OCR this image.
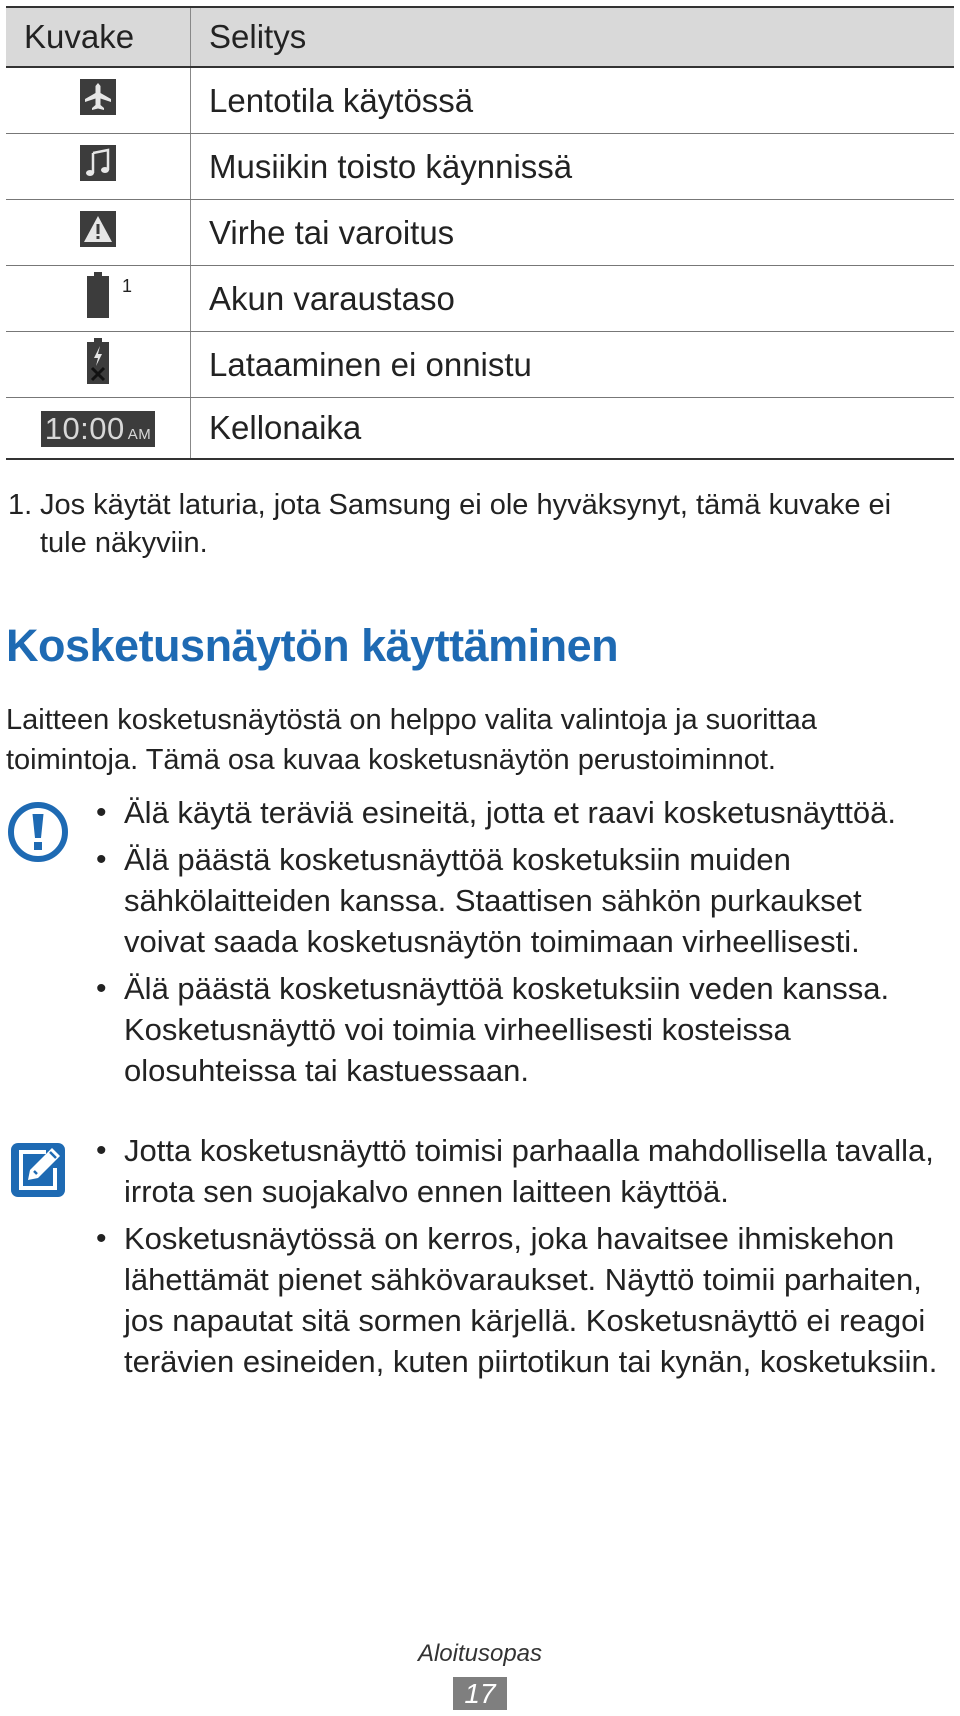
Kuvake	Selitys
	Lentotila käytössä
	Musiikin toisto käynnissä
	Virhe tai varoitus

1	Akun varaustaso
	Lataaminen ei onnistu
10:00 AM	Kellonaika
1. Jos käytät laturia, jota Samsung ei ole hyväksynyt, tämä kuvake ei tule näkyviin.
Kosketusnäytön käyttäminen

Laitteen kosketusnäytöstä on helppo valita valintoja ja suorittaa toimintoja. Tämä osa kuvaa kosketusnäytön perustoiminnot.

• Älä käytä teräviä esineitä, jotta et raavi kosketusnäyttöä.
• Älä päästä kosketusnäyttöä kosketuksiin muiden sähkölaitteiden kanssa. Staattisen sähkön purkaukset voivat saada kosketusnäytön toimimaan virheellisesti.
• Älä päästä kosketusnäyttöä kosketuksiin veden kanssa. Kosketusnäyttö voi toimia virheellisesti kosteissa olosuhteissa tai kastuessaan.
• Jotta kosketusnäyttö toimisi parhaalla mahdollisella tavalla, irrota sen suojakalvo ennen laitteen käyttöä.
• Kosketusnäytössä on kerros, joka havaitsee ihmiskehon lähettämät pienet sähkövaraukset. Näyttö toimii parhaiten, jos napautat sitä sormen kärjellä. Kosketusnäyttö ei reagoi terävien esineiden, kuten piirtotikun tai kynän, kosketuksiin.
Aloitusopas
17
